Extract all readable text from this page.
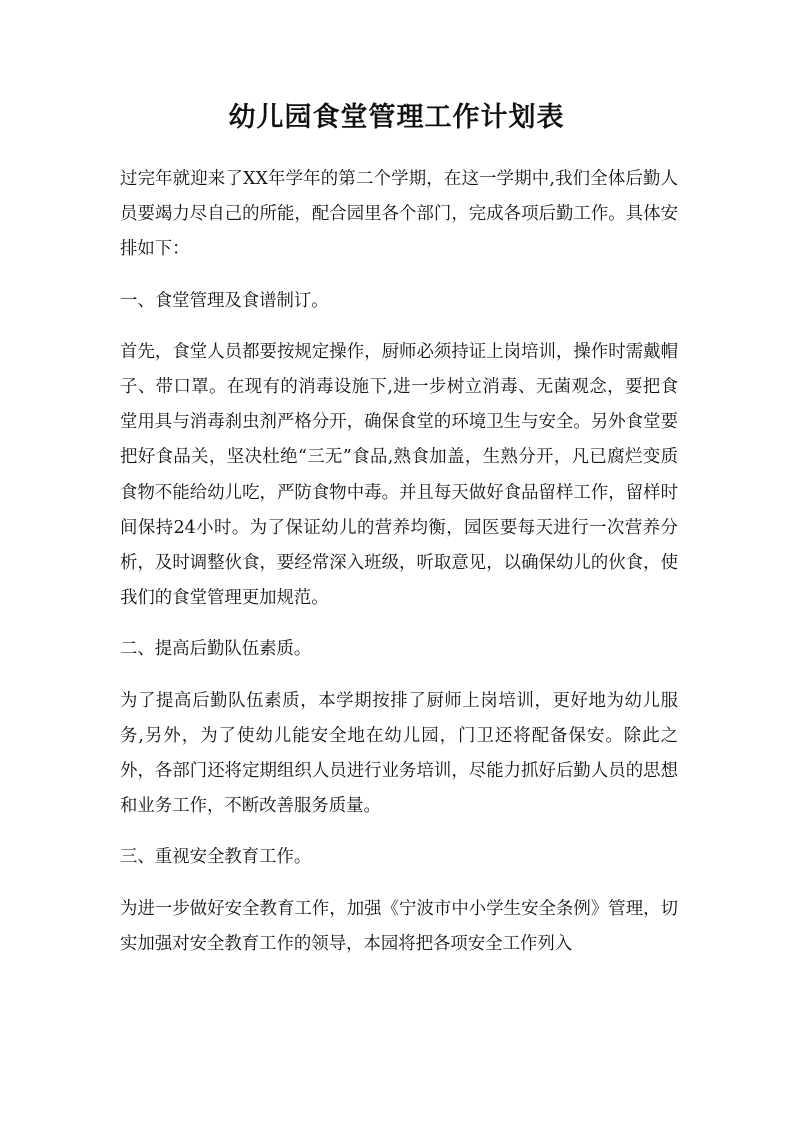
幼儿园食堂管理工作计划表

过完年就迎来了XX年学年的第二个学期，在这一学期中,我们全体后勤人员要竭力尽自己的所能，配合园里各个部门，完成各项后勤工作。具体安排如下：

一、食堂管理及食谱制订。

首先，食堂人员都要按规定操作，厨师必须持证上岗培训，操作时需戴帽子、带口罩。在现有的消毒设施下,进一步树立消毒、无菌观念，要把食堂用具与消毒刹虫剂严格分开，确保食堂的环境卫生与安全。另外食堂要把好食品关，坚决杜绝“三无”食品,熟食加盖，生熟分开，凡已腐烂变质食物不能给幼儿吃，严防食物中毒。并且每天做好食品留样工作，留样时间保持24小时。为了保证幼儿的营养均衡，园医要每天进行一次营养分析，及时调整伙食，要经常深入班级，听取意见，以确保幼儿的伙食，使我们的食堂管理更加规范。

二、提高后勤队伍素质。

为了提高后勤队伍素质，本学期按排了厨师上岗培训，更好地为幼儿服务,另外，为了使幼儿能安全地在幼儿园，门卫还将配备保安。除此之外，各部门还将定期组织人员进行业务培训，尽能力抓好后勤人员的思想和业务工作，不断改善服务质量。

三、重视安全教育工作。

为进一步做好安全教育工作，加强《宁波市中小学生安全条例》管理，切实加强对安全教育工作的领导，本园将把各项安全工作列入
